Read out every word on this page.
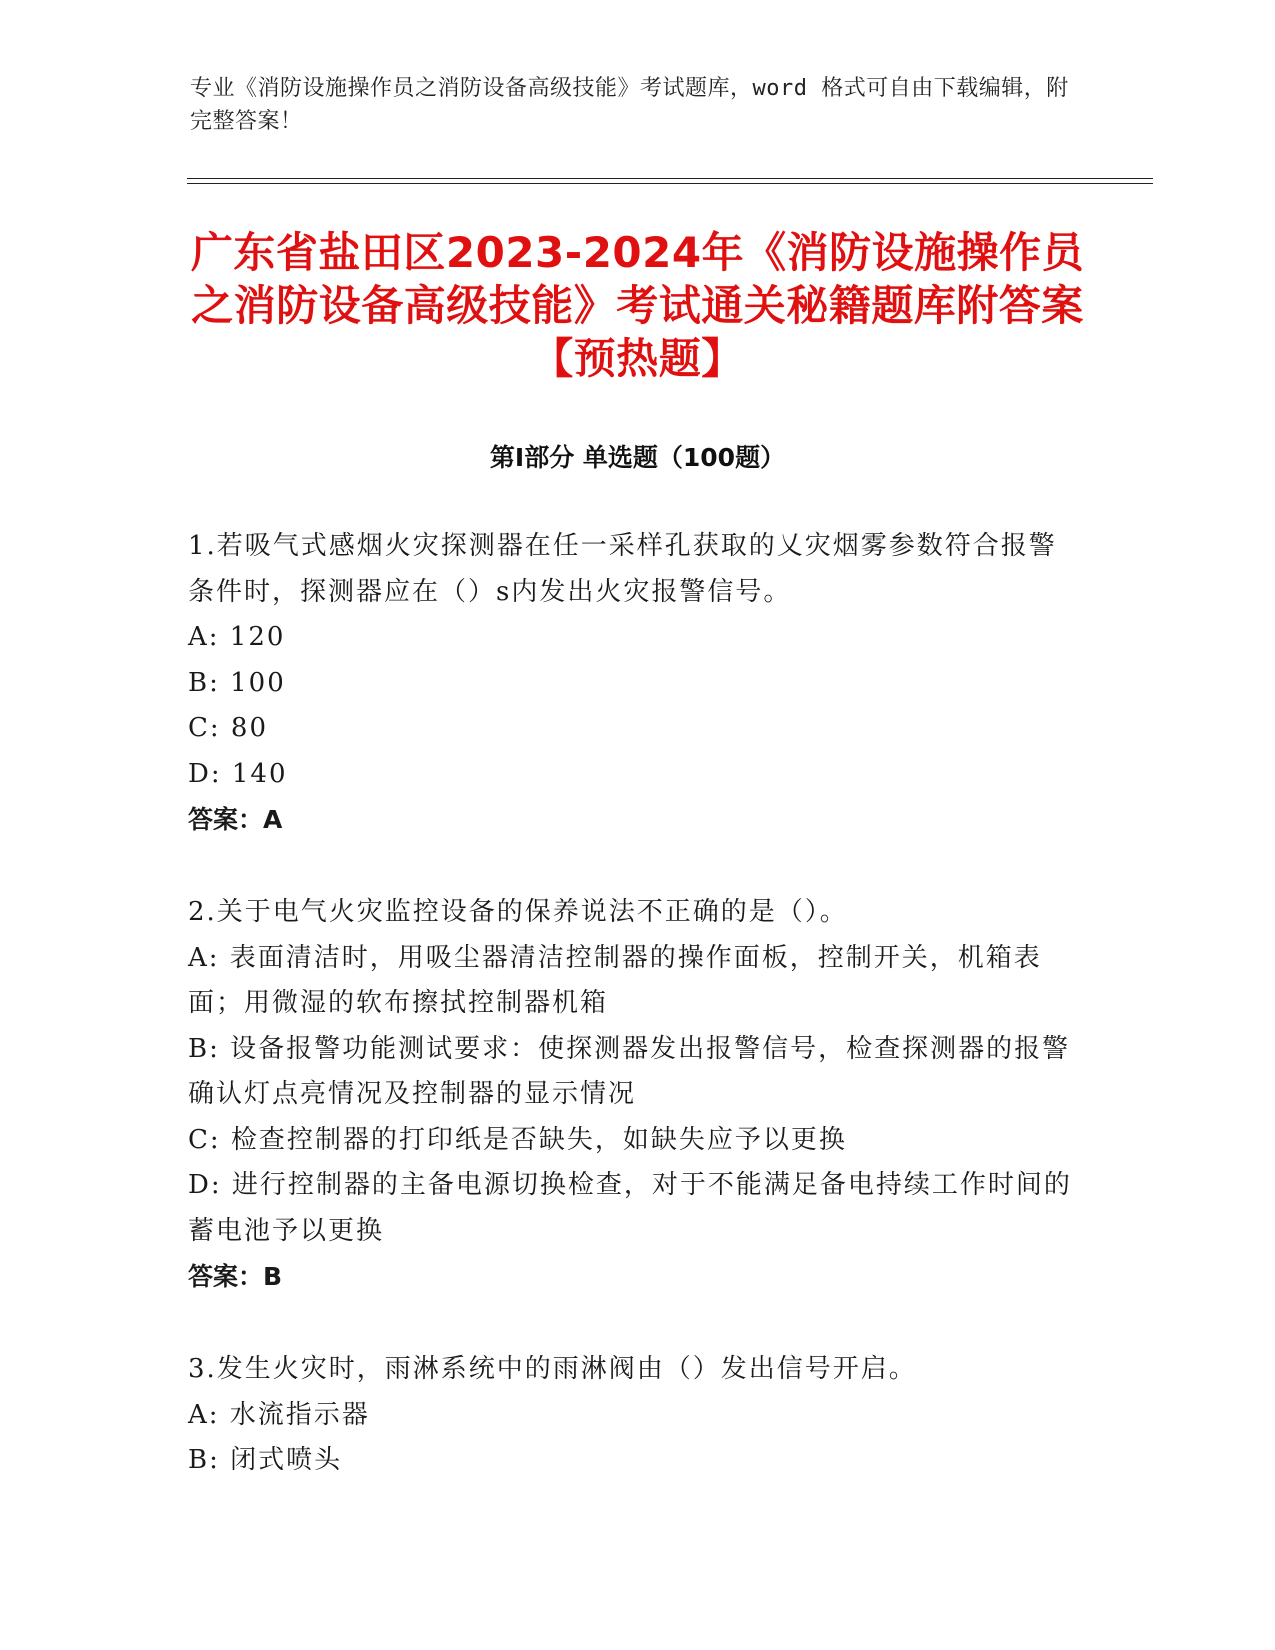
专业《消防设施操作员之消防设备高级技能》考试题库，word 格式可自由下载编辑，附完整答案！
广东省盐田区2023-2024年《消防设施操作员之消防设备高级技能》考试通关秘籍题库附答案【预热题】
第Ⅰ部分 单选题（100题）
1.若吸气式感烟火灾探测器在任一采样孔获取的乂灾烟雾参数符合报警条件时，探测器应在（）s内发出火灾报警信号。
A: 120
B: 100
C: 80
D: 140
答案：A
2.关于电气火灾监控设备的保养说法不正确的是（）。
A: 表面清洁时，用吸尘器清洁控制器的操作面板，控制开关，机箱表面；用微湿的软布擦拭控制器机箱
B: 设备报警功能测试要求：使探测器发出报警信号，检查探测器的报警确认灯点亮情况及控制器的显示情况
C: 检查控制器的打印纸是否缺失，如缺失应予以更换
D: 进行控制器的主备电源切换检查，对于不能满足备电持续工作时间的蓄电池予以更换
答案：B
3.发生火灾时，雨淋系统中的雨淋阀由（）发出信号开启。
A: 水流指示器
B: 闭式喷头
